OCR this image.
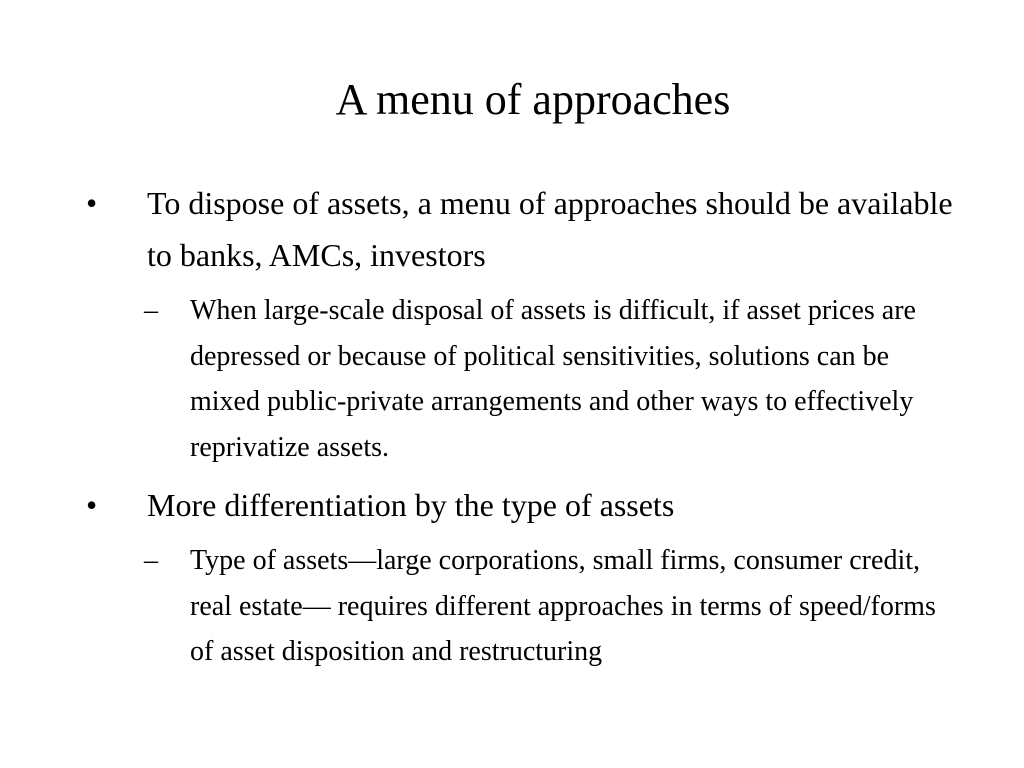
A menu of approaches
• To dispose of assets, a menu of approaches should be available to banks, AMCs, investors
– When large-scale disposal of assets is difficult, if asset prices are depressed or because of political sensitivities, solutions can be mixed public-private arrangements and other ways to effectively reprivatize assets.
• More differentiation by the type of assets
– Type of assets—large corporations, small firms, consumer credit, real estate— requires different approaches in terms of speed/forms of asset disposition and restructuring
